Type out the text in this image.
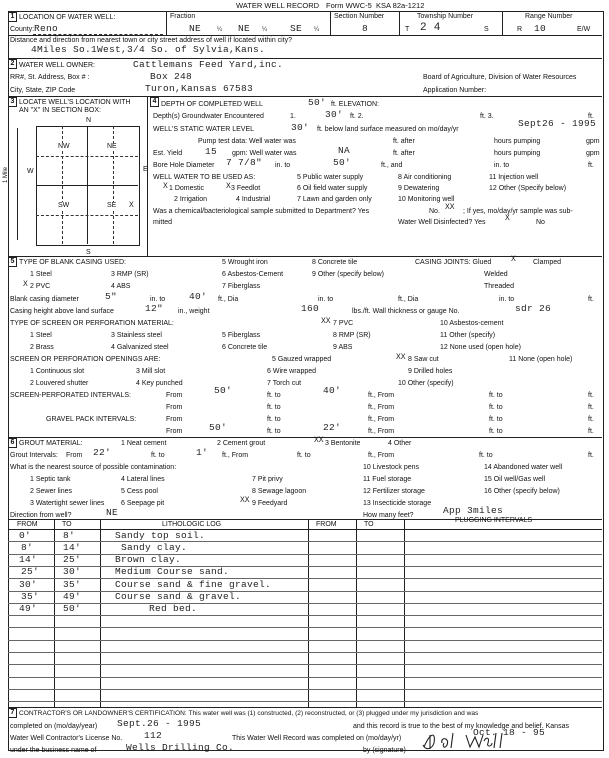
WATER WELL RECORD Form WWC-5 KSA 82a-1212
1 LOCATION OF WATER WELL:	Fraction	Section Number	Township Number	Range Number
County: Reno	NE	¼ NE ¼ SE ¼	8	T 2 4	S	R 10	E/W
Distance and direction from nearest town or city street address of well if located within city?
4Miles So.1West,3/4 So. of Sylvia,Kans.
2 WATER WELL OWNER:	Cattlemans Feed Yard,inc.
RR#, St. Address, Box # :	Box 248	Board of Agriculture, Division of Water Resources
City, State, ZIP Code	Turon,Kansas 67583	Application Number:
3 LOCATE WELL'S LOCATION WITH
AN "X" IN SECTION BOX:
N
S
W	E
1 Mile
NW	NE
SW	SE X
4 DEPTH OF COMPLETED WELL	50' ft. ELEVATION:
Depth(s) Groundwater Encountered	1.	30' ft. 2.	ft. 3.	ft.
WELL'S STATIC WATER LEVEL	30' ft. below land surface measured on mo/day/yr
Sept26 - 1995
Pump test data: Well water was	ft. after	hours pumping	gpm
Est. Yield 15 gpm: Well water was	NA	ft. after	hours pumping	gpm
Bore Hole Diameter 7 7/8" in. to	50'	ft., and	in. to	ft.
WELL WATER TO BE USED AS:	5 Public water supply	8 Air conditioning	11 Injection well
1 Domestic	3 Feedlot	6 Oil field water supply	9 Dewatering	12 Other (Specify below)
2 Irrigation	4 Industrial	7 Lawn and garden only	10 Monitoring well
X	X
Was a chemical/bacteriological sample submitted to Department? Yes	No. XX ; If yes, mo/day/yr sample was sub-
mitted	Water Well Disinfected? Yes X	No
5 TYPE OF BLANK CASING USED:	5 Wrought iron	8 Concrete tile	CASING JOINTS: Glued X Clamped
1 Steel	3 RMP (SR)	6 Asbestos-Cement	9 Other (specify below)	Welded
X 2 PVC	4 ABS	7 Fiberglass	Threaded
Blank casing diameter	5"	in. to	40' ft., Dia	in. to	ft., Dia	in. to	ft.
Casing height above land surface	12" in., weight	160	lbs./ft. Wall thickness or gauge No.	sdr 26
TYPE OF SCREEN OR PERFORATION MATERIAL:	XX 7 PVC	10 Asbestos-cement
1 Steel	3 Stainless steel	5 Fiberglass	8 RMP (SR)	11 Other (specify)
2 Brass	4 Galvanized steel	6 Concrete tile	9 ABS	12 None used (open hole)
SCREEN OR PERFORATION OPENINGS ARE:	5 Gauzed wrapped	XX 8 Saw cut	11 None (open hole)
1 Continuous slot	3 Mill slot	6 Wire wrapped	9 Drilled holes
2 Louvered shutter	4 Key punched	7 Torch cut	10 Other (specify)
SCREEN-PERFORATED INTERVALS:	From	50'	ft. to	40'	ft., From	ft. to	ft.
From	ft. to	ft., From	ft. to	ft.
GRAVEL PACK INTERVALS:	From	ft. to	ft., From	ft. to	ft.
From	50'	ft. to	22'	ft., From	ft. to	ft.
6 GROUT MATERIAL:	1 Neat cement	2 Cement grout	XX 3 Bentonite	4 Other
Grout Intervals: From 22'	ft. to	1' ft., From	ft. to	ft., From	ft. to	ft.
What is the nearest source of possible contamination:	10 Livestock pens	14 Abandoned water well
1 Septic tank	4 Lateral lines	7 Pit privy	11 Fuel storage	15 Oil well/Gas well
2 Sewer lines	5 Cess pool	8 Sewage lagoon	12 Fertilizer storage	16 Other (specify below)
3 Watertight sewer lines 6 Seepage pit	XX 9 Feedyard	13 Insecticide storage
Direction from well?	NE	How many feet?	App 3miles
FROM	TO	LITHOLOGIC LOG	FROM	TO
PLUGGING INTERVALS
0'	8'	Sandy top soil.
8'	14'	Sandy clay.
14'	25'	Brown clay.
25'	30'	Medium Course sand.
30'	35'	Course sand & fine gravel.
35'	49'	Course sand & gravel.
49'	50'	Red bed.
7 CONTRACTOR'S OR LANDOWNER'S CERTIFICATION: This water well was (1) constructed, (2) reconstructed, or (3) plugged under my jurisdiction and was
completed on (mo/day/year) Sept.26 - 1995	and this record is true to the best of my knowledge and belief. Kansas
Water Well Contractor's License No. 112	This Water Well Record was completed on (mo/day/yr)
Oct. 18 - 95
under the business name of	Wells Drilling Co.	by (signature)
